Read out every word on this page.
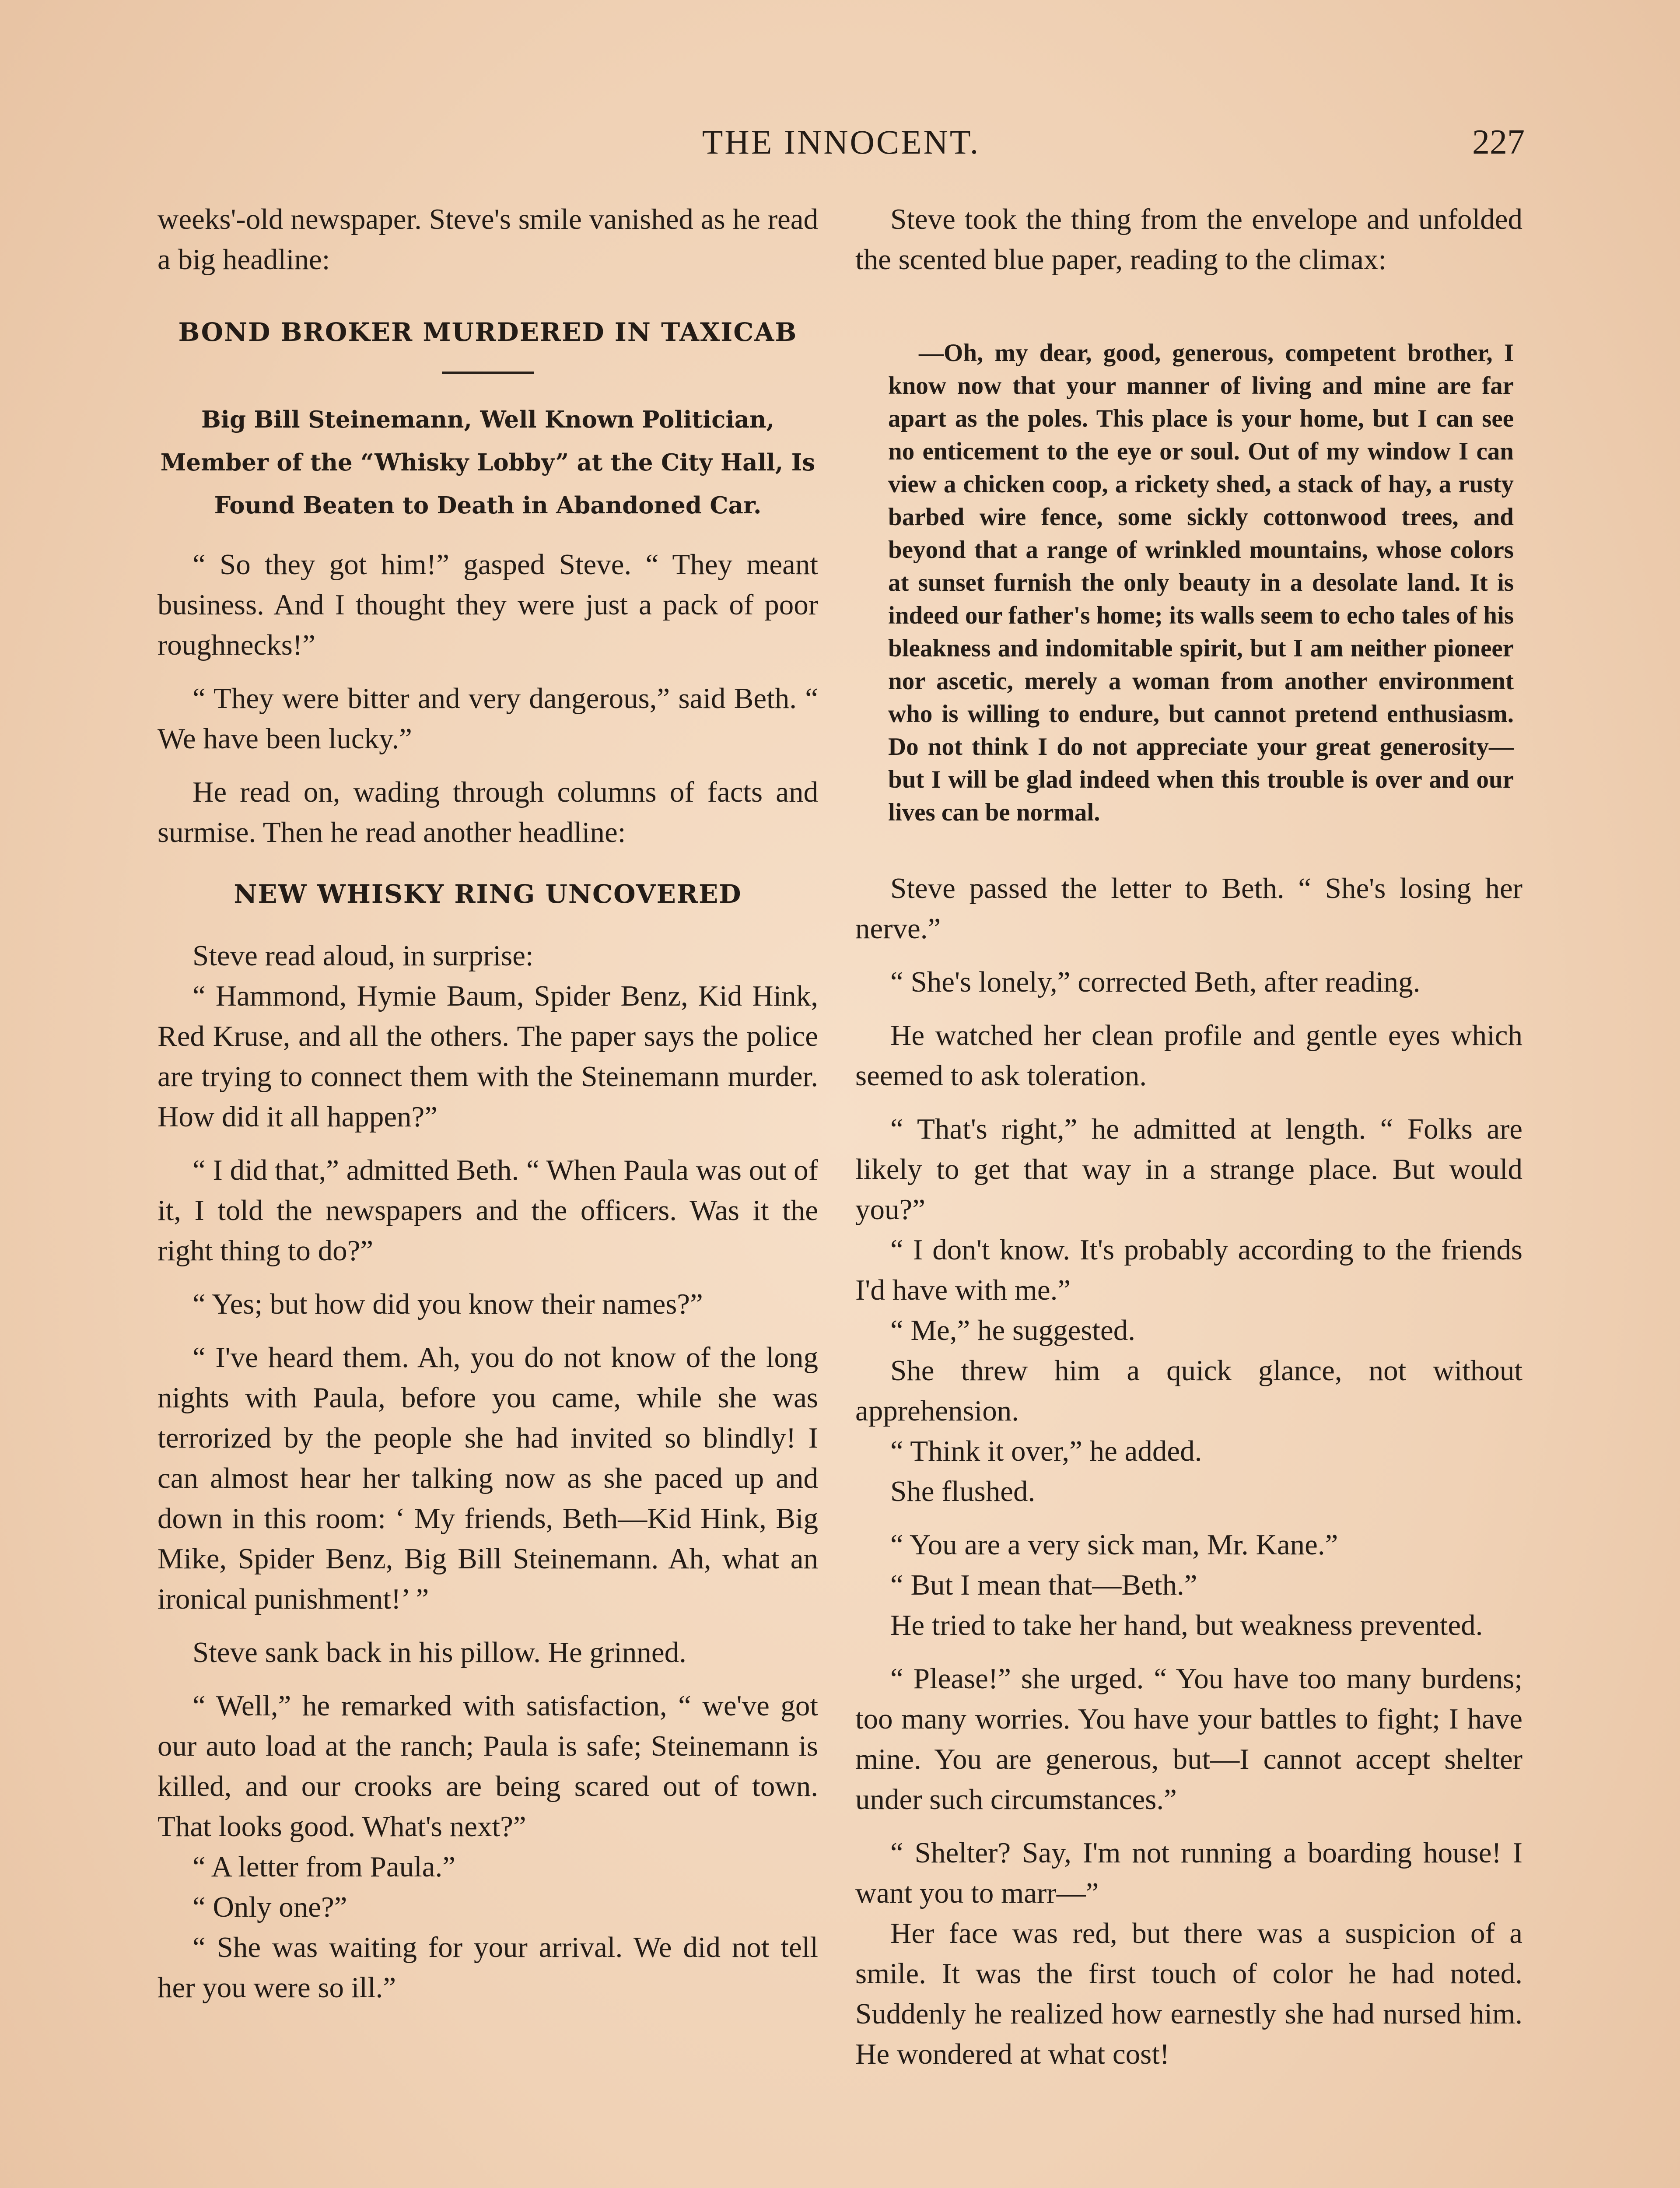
THE INNOCENT.	227

weeks'-old newspaper. Steve's smile vanished as he read a big headline:

BOND BROKER MURDERED IN TAXICAB
Big Bill Steinemann, Well Known Politician, Member of the “Whisky Lobby” at the City Hall, Is Found Beaten to Death in Abandoned Car.

“ So they got him!” gasped Steve. “ They meant business. And I thought they were just a pack of poor roughnecks!”

“ They were bitter and very dangerous,” said Beth. “ We have been lucky.”

He read on, wading through columns of facts and surmise. Then he read another headline:

NEW WHISKY RING UNCOVERED

Steve read aloud, in surprise:

“ Hammond, Hymie Baum, Spider Benz, Kid Hink, Red Kruse, and all the others. The paper says the police are trying to connect them with the Steinemann murder. How did it all happen?”

“ I did that,” admitted Beth. “ When Paula was out of it, I told the newspapers and the officers. Was it the right thing to do?”

“ Yes; but how did you know their names?”

“ I've heard them. Ah, you do not know of the long nights with Paula, before you came, while she was terrorized by the people she had invited so blindly! I can almost hear her talking now as she paced up and down in this room: ‘ My friends, Beth—Kid Hink, Big Mike, Spider Benz, Big Bill Steinemann. Ah, what an ironical punishment!’ ”

Steve sank back in his pillow. He grinned.

“ Well,” he remarked with satisfaction, “ we've got our auto load at the ranch; Paula is safe; Steinemann is killed, and our crooks are being scared out of town. That looks good. What's next?”

“ A letter from Paula.”

“ Only one?”

“ She was waiting for your arrival. We did not tell her you were so ill.”

Steve took the thing from the envelope and unfolded the scented blue paper, reading to the climax:

—Oh, my dear, good, generous, competent brother, I know now that your manner of living and mine are far apart as the poles. This place is your home, but I can see no enticement to the eye or soul. Out of my window I can view a chicken coop, a rickety shed, a stack of hay, a rusty barbed wire fence, some sickly cottonwood trees, and beyond that a range of wrinkled mountains, whose colors at sunset furnish the only beauty in a desolate land. It is indeed our father's home; its walls seem to echo tales of his bleakness and indomitable spirit, but I am neither pioneer nor ascetic, merely a woman from another environment who is willing to endure, but cannot pretend enthusiasm. Do not think I do not appreciate your great generosity—but I will be glad indeed when this trouble is over and our lives can be normal.

Steve passed the letter to Beth. “ She's losing her nerve.”

“ She's lonely,” corrected Beth, after reading.

He watched her clean profile and gentle eyes which seemed to ask toleration.

“ That's right,” he admitted at length. “ Folks are likely to get that way in a strange place. But would you?”

“ I don't know. It's probably according to the friends I'd have with me.”

“ Me,” he suggested.

She threw him a quick glance, not without apprehension.

“ Think it over,” he added.

She flushed.

“ You are a very sick man, Mr. Kane.”

“ But I mean that—Beth.”

He tried to take her hand, but weakness prevented.

“ Please!” she urged. “ You have too many burdens; too many worries. You have your battles to fight; I have mine. You are generous, but—I cannot accept shelter under such circumstances.”

“ Shelter? Say, I'm not running a boarding house! I want you to marr—”

Her face was red, but there was a suspicion of a smile. It was the first touch of color he had noted. Suddenly he realized how earnestly she had nursed him. He wondered at what cost!
